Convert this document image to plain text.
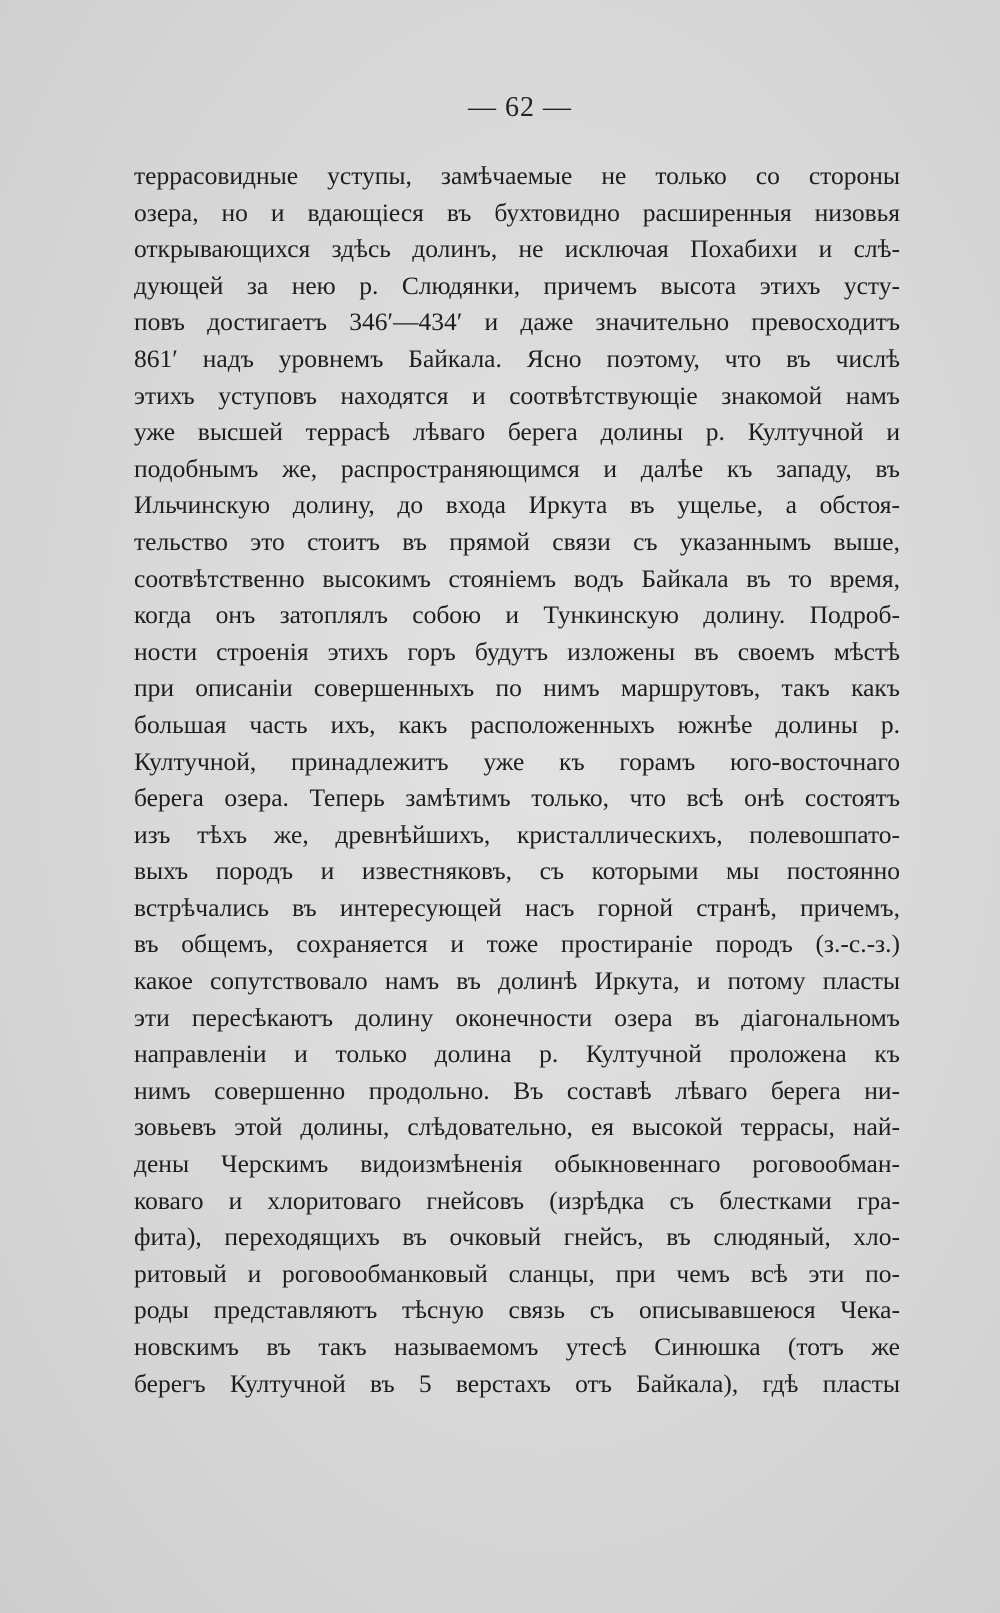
— 62 —
террасовидные уступы, замѣчаемые не только со стороны
озера, но и вдающіеся въ бухтовидно расширенныя низовья
открывающихся здѣсь долинъ, не исключая Похабихи и слѣ-
дующей за нею р. Слюдянки, причемъ высота этихъ усту-
повъ достигаетъ 346′—434′ и даже значительно превосходитъ
861′ надъ уровнемъ Байкала. Ясно поэтому, что въ числѣ
этихъ уступовъ находятся и соотвѣтствующіе знакомой намъ
уже высшей террасѣ лѣваго берега долины р. Култучной и
подобнымъ же, распространяющимся и далѣе къ западу, въ
Ильчинскую долину, до входа Иркута въ ущелье, а обстоя-
тельство это стоитъ въ прямой связи съ указаннымъ выше,
соотвѣтственно высокимъ стояніемъ водъ Байкала въ то время,
когда онъ затоплялъ собою и Тункинскую долину. Подроб-
ности строенія этихъ горъ будутъ изложены въ своемъ мѣстѣ
при описаніи совершенныхъ по нимъ маршрутовъ, такъ какъ
большая часть ихъ, какъ расположенныхъ южнѣе долины р.
Култучной, принадлежитъ уже къ горамъ юго-восточнаго
берега озера. Теперь замѣтимъ только, что всѣ онѣ состоятъ
изъ тѣхъ же, древнѣйшихъ, кристаллическихъ, полевошпато-
выхъ породъ и известняковъ, съ которыми мы постоянно
встрѣчались въ интересующей насъ горной странѣ, причемъ,
въ общемъ, сохраняется и тоже простираніе породъ (з.-с.-з.)
какое сопутствовало намъ въ долинѣ Иркута, и потому пласты
эти пересѣкаютъ долину оконечности озера въ діагональномъ
направленіи и только долина р. Култучной проложена къ
нимъ совершенно продольно. Въ составѣ лѣваго берега ни-
зовьевъ этой долины, слѣдовательно, ея высокой террасы, най-
дены Черскимъ видоизмѣненія обыкновеннаго роговообман-
коваго и хлоритоваго гнейсовъ (изрѣдка съ блестками гра-
фита), переходящихъ въ очковый гнейсъ, въ слюдяный, хло-
ритовый и роговообманковый сланцы, при чемъ всѣ эти по-
роды представляютъ тѣсную связь съ описывавшеюся Чека-
новскимъ въ такъ называемомъ утесѣ Синюшка (тотъ же
берегъ Култучной въ 5 верстахъ отъ Байкала), гдѣ пласты
